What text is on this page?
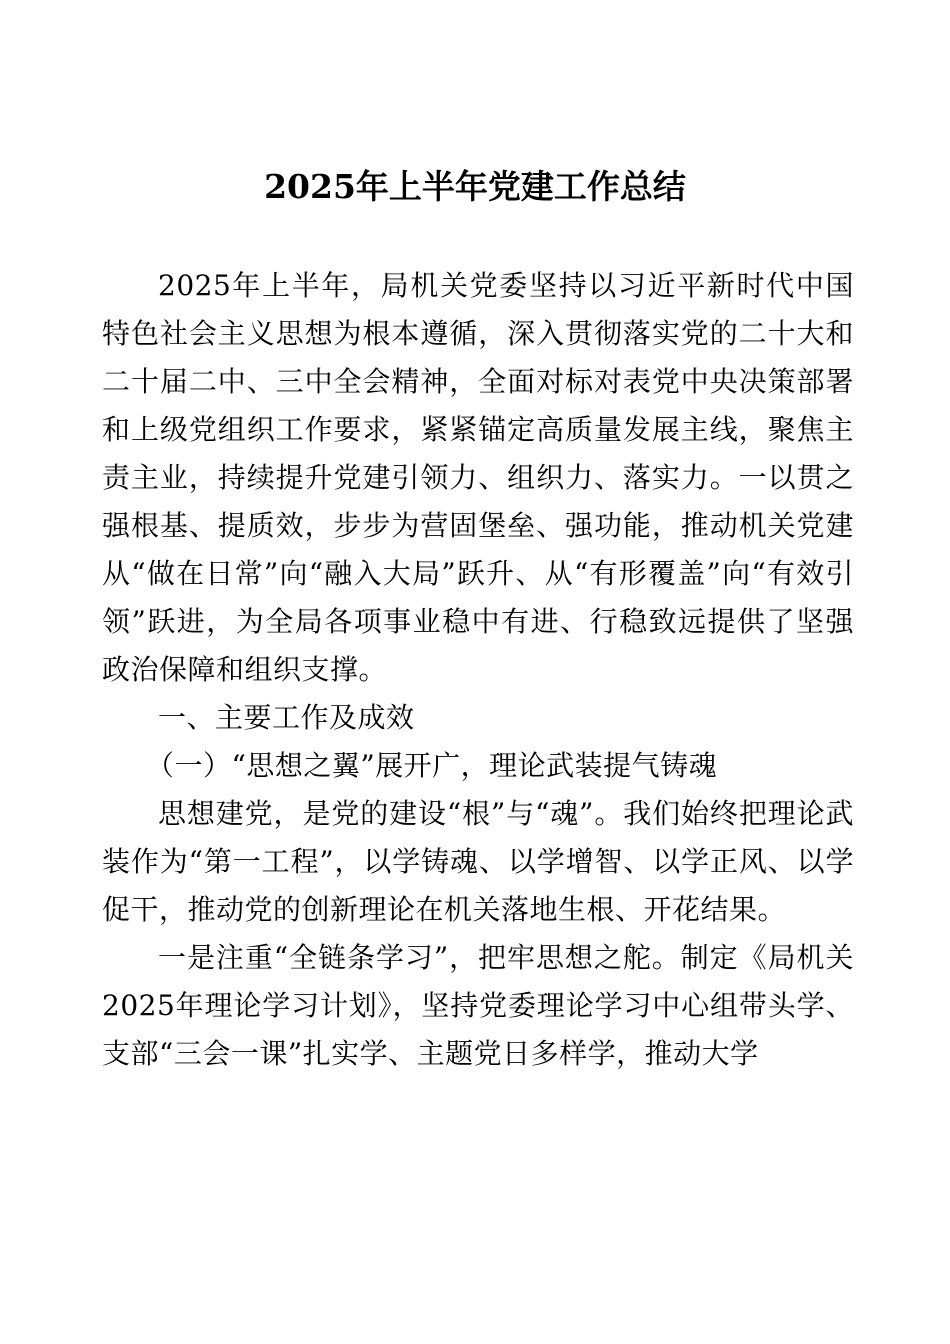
2025年上半年党建工作总结

2025年上半年，局机关党委坚持以习近平新时代中国特色社会主义思想为根本遵循，深入贯彻落实党的二十大和二十届二中、三中全会精神，全面对标对表党中央决策部署和上级党组织工作要求，紧紧锚定高质量发展主线，聚焦主责主业，持续提升党建引领力、组织力、落实力。一以贯之强根基、提质效，步步为营固堡垒、强功能，推动机关党建从“做在日常”向“融入大局”跃升、从“有形覆盖”向“有效引领”跃进，为全局各项事业稳中有进、行稳致远提供了坚强政治保障和组织支撑。

一、主要工作及成效

（一）“思想之翼”展开广，理论武装提气铸魂

思想建党，是党的建设“根”与“魂”。我们始终把理论武装作为“第一工程”，以学铸魂、以学增智、以学正风、以学促干，推动党的创新理论在机关落地生根、开花结果。

一是注重“全链条学习”，把牢思想之舵。制定《局机关2025年理论学习计划》，坚持党委理论学习中心组带头学、支部“三会一课”扎实学、主题党日多样学，推动大学
